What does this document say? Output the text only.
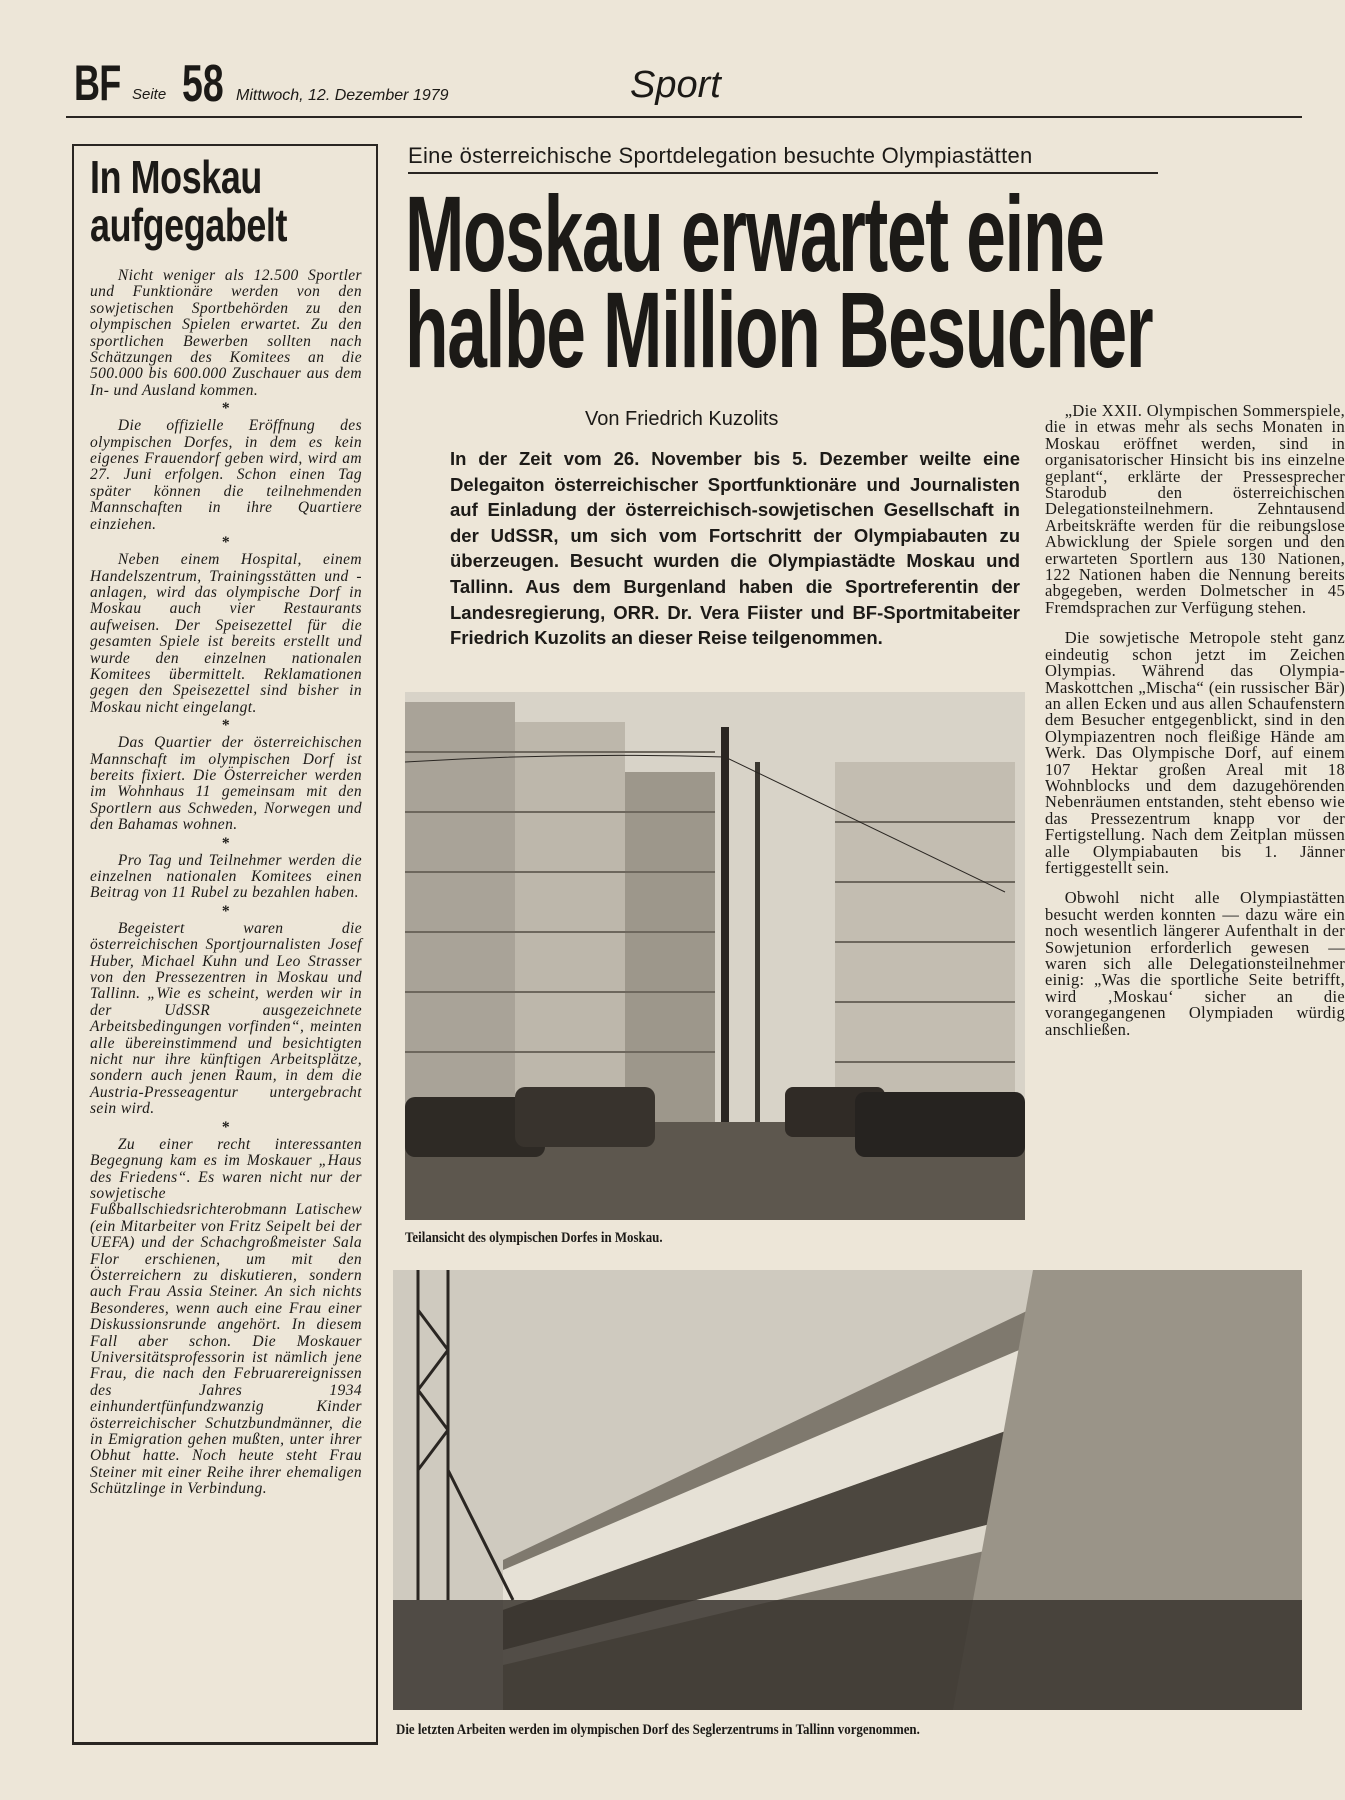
BF Seite 58 Mittwoch, 12. Dezember 1979	Sport
In Moskau
aufgegabelt

Nicht weniger als 12.500 Sportler und Funktionäre werden von den sowjetischen Sportbehörden zu den olympischen Spielen erwartet. Zu den sportlichen Bewerben sollten nach Schätzungen des Komitees an die 500.000 bis 600.000 Zuschauer aus dem In- und Ausland kommen.

*

Die offizielle Eröffnung des olympischen Dorfes, in dem es kein eigenes Frauendorf geben wird, wird am 27. Juni erfolgen. Schon einen Tag später können die teilnehmenden Mannschaften in ihre Quartiere einziehen.

*

Neben einem Hospital, einem Handelszentrum, Trainingsstätten und -anlagen, wird das olympische Dorf in Moskau auch vier Restaurants aufweisen. Der Speisezettel für die gesamten Spiele ist bereits erstellt und wurde den einzelnen nationalen Komitees übermittelt. Reklamationen gegen den Speisezettel sind bisher in Moskau nicht eingelangt.

*

Das Quartier der österreichischen Mannschaft im olympischen Dorf ist bereits fixiert. Die Österreicher werden im Wohnhaus 11 gemeinsam mit den Sportlern aus Schweden, Norwegen und den Bahamas wohnen.

*

Pro Tag und Teilnehmer werden die einzelnen nationalen Komitees einen Beitrag von 11 Rubel zu bezahlen haben.

*

Begeistert waren die österreichischen Sportjournalisten Josef Huber, Michael Kuhn und Leo Strasser von den Pressezentren in Moskau und Tallinn. „Wie es scheint, werden wir in der UdSSR ausgezeichnete Arbeitsbedingungen vorfinden“, meinten alle übereinstimmend und besichtigten nicht nur ihre künftigen Arbeitsplätze, sondern auch jenen Raum, in dem die Austria-Presseagentur untergebracht sein wird.

*

Zu einer recht interessanten Begegnung kam es im Moskauer „Haus des Friedens“. Es waren nicht nur der sowjetische Fußballschiedsrichterobmann Latischew (ein Mitarbeiter von Fritz Seipelt bei der UEFA) und der Schachgroßmeister Sala Flor erschienen, um mit den Österreichern zu diskutieren, sondern auch Frau Assia Steiner. An sich nichts Besonderes, wenn auch eine Frau einer Diskussionsrunde angehört. In diesem Fall aber schon. Die Moskauer Universitätsprofessorin ist nämlich jene Frau, die nach den Februarereignissen des Jahres 1934 einhundertfünfundzwanzig Kinder österreichischer Schutzbundmänner, die in Emigration gehen mußten, unter ihrer Obhut hatte. Noch heute steht Frau Steiner mit einer Reihe ihrer ehemaligen Schützlinge in Verbindung.

Eine österreichische Sportdelegation besuchte Olympiastätten
Moskau erwartet eine
halbe Million Besucher
Von Friedrich Kuzolits

In der Zeit vom 26. November bis 5. Dezember weilte eine Delegaiton österreichischer Sportfunktionäre und Journalisten auf Einladung der österreichisch-sowjetischen Gesellschaft in der UdSSR, um sich vom Fortschritt der Olympiabauten zu überzeugen. Besucht wurden die Olympiastädte Moskau und Tallinn. Aus dem Burgenland haben die Sportreferentin der Landesregierung, ORR. Dr. Vera Fiister und BF-Sportmitabeiter Friedrich Kuzolits an dieser Reise teilgenommen.

„Die XXII. Olympischen Sommerspiele, die in etwas mehr als sechs Monaten in Moskau eröffnet werden, sind in organisatorischer Hinsicht bis ins einzelne geplant“, erklärte der Pressesprecher Starodub den österreichischen Delegationsteilnehmern. Zehntausend Arbeitskräfte werden für die reibungslose Abwicklung der Spiele sorgen und den erwarteten Sportlern aus 130 Nationen, 122 Nationen haben die Nennung bereits abgegeben, werden Dolmetscher in 45 Fremdsprachen zur Verfügung stehen.

Die sowjetische Metropole steht ganz eindeutig schon jetzt im Zeichen Olympias. Während das Olympia-Maskottchen „Mischa“ (ein russischer Bär) an allen Ecken und aus allen Schaufenstern dem Besucher entgegenblickt, sind in den Olympiazentren noch fleißige Hände am Werk. Das Olympische Dorf, auf einem 107 Hektar großen Areal mit 18 Wohnblocks und dem dazugehörenden Nebenräumen entstanden, steht ebenso wie das Pressezentrum knapp vor der Fertigstellung. Nach dem Zeitplan müssen alle Olympiabauten bis 1. Jänner fertiggestellt sein.

Obwohl nicht alle Olympiastätten besucht werden konnten — dazu wäre ein noch wesentlich längerer Aufenthalt in der Sowjetunion erforderlich gewesen — waren sich alle Delegationsteilnehmer einig: „Was die sportliche Seite betrifft, wird ‚Moskau‘ sicher an die vorangegangenen Olympiaden würdig anschließen.

Teilansicht des olympischen Dorfes in Moskau.
Die letzten Arbeiten werden im olympischen Dorf des Seglerzentrums in Tallinn vorgenommen.
